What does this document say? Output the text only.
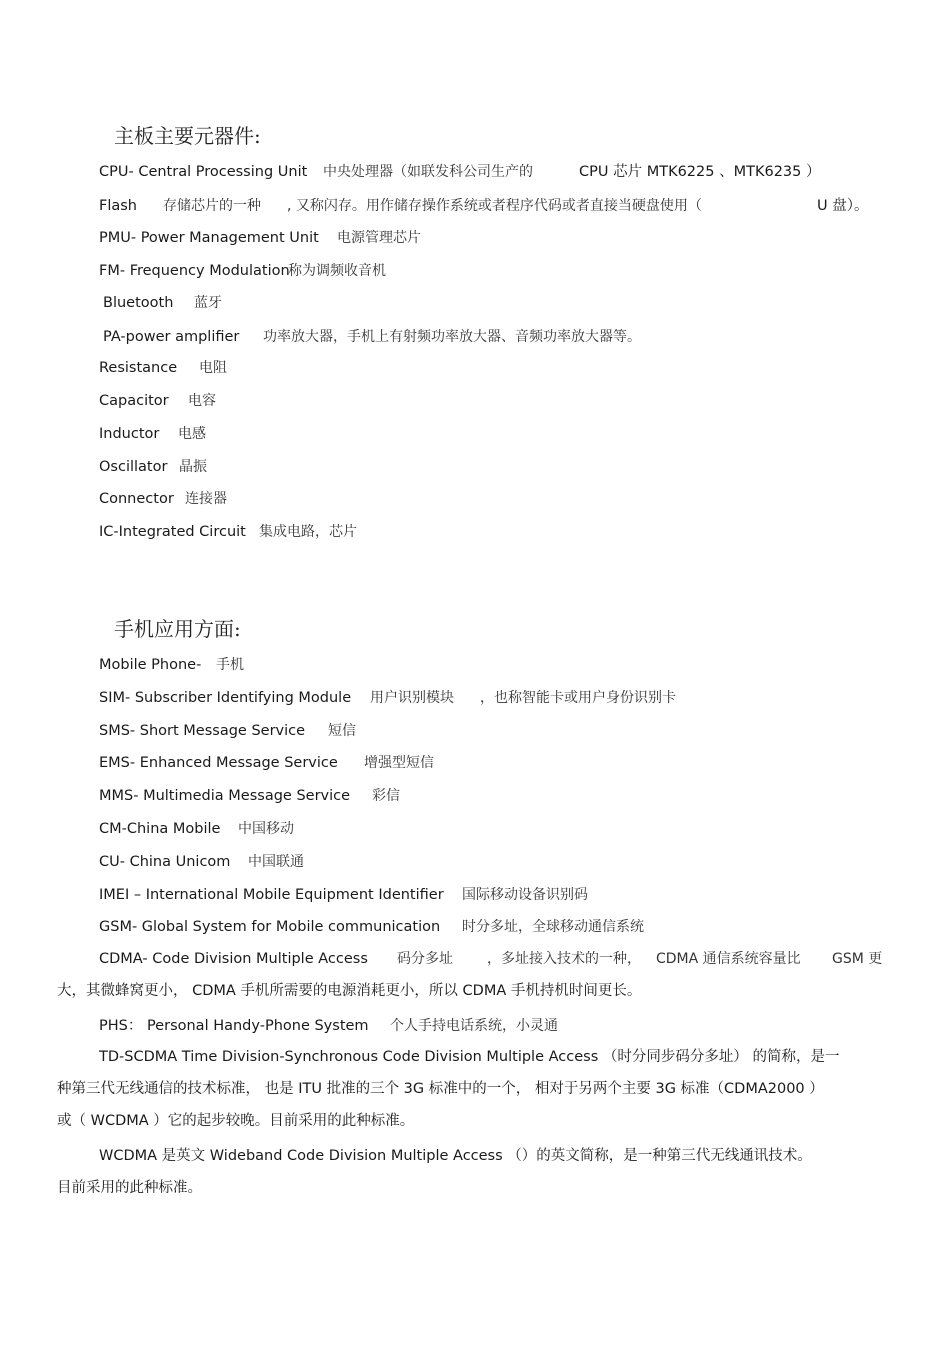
主板主要元器件:
CPU- Central Processing Unit 中央处理器（如联发科公司生产的	CPU 芯片 MTK6225 、MTK6235 ）
Flash 存储芯片的一种 , 又称闪存。用作储存操作系统或者程序代码或者直接当硬盘使用（	U 盘）。
PMU- Power Management Unit 电源管理芯片
FM- Frequency Modulation称为调频收音机
Bluetooth 蓝牙
PA-power amplifier 功率放大器，手机上有射频功率放大器、音频功率放大器等。
Resistance 电阻
Capacitor 电容
Inductor 电感
Oscillator 晶振
Connector 连接器
IC-Integrated Circuit 集成电路，芯片
手机应用方面:
Mobile Phone- 手机
SIM- Subscriber Identifying Module 用户识别模块 ，也称智能卡或用户身份识别卡
SMS- Short Message Service 短信
EMS- Enhanced Message Service 增强型短信
MMS- Multimedia Message Service 彩信
CM-China Mobile 中国移动
CU- China Unicom 中国联通
IMEI – International Mobile Equipment Identifier 国际移动设备识别码
GSM- Global System for Mobile communication 时分多址，全球移动通信系统
CDMA- Code Division Multiple Access 码分多址 ，多址接入技术的一种， CDMA 通信系统容量比 GSM 更
大，其微蜂窝更小， CDMA 手机所需要的电源消耗更小，所以 CDMA 手机持机时间更长。
PHS： Personal Handy-Phone System 个人手持电话系统，小灵通
TD-SCDMA Time Division-Synchronous Code Division Multiple Access （时分同步码分多址） 的简称，是一
种第三代无线通信的技术标准， 也是 ITU 批准的三个 3G 标准中的一个， 相对于另两个主要 3G 标准（CDMA2000 ）
或（ WCDMA ）它的起步较晚。目前采用的此种标准。
WCDMA 是英文 Wideband Code Division Multiple Access （）的英文简称，是一种第三代无线通讯技术。
目前采用的此种标准。
